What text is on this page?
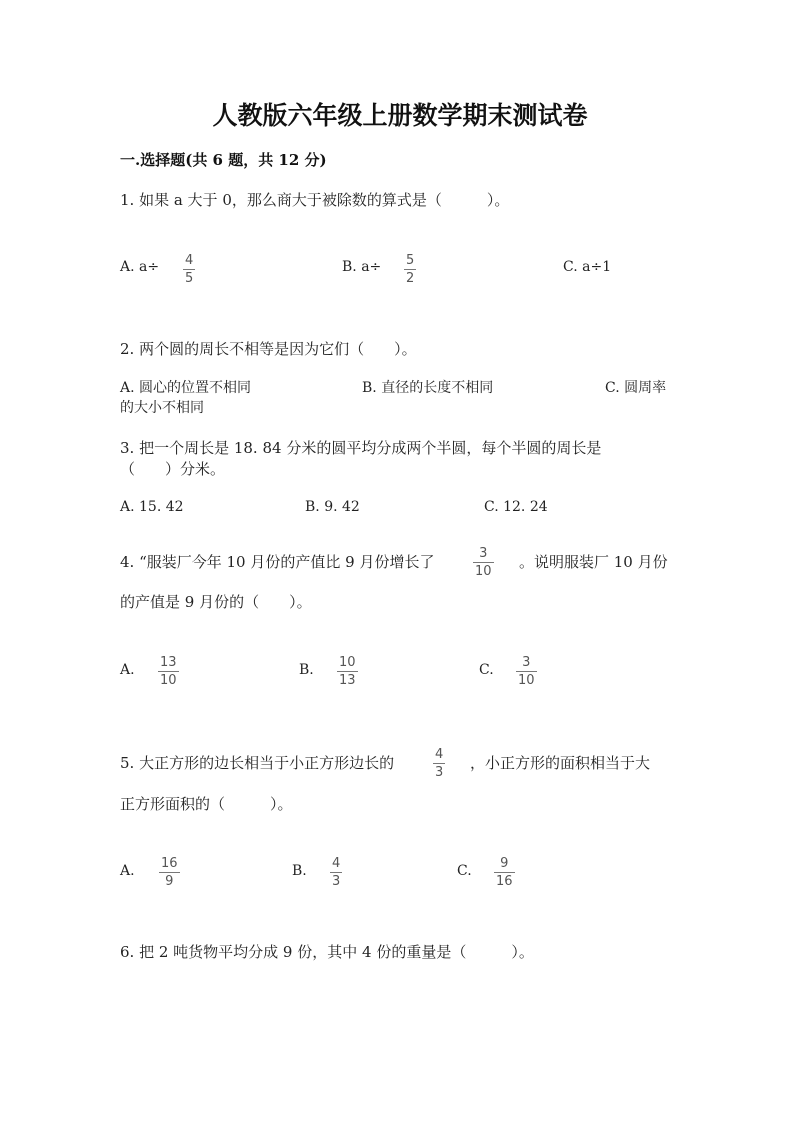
人教版六年级上册数学期末测试卷
一.选择题(共 6 题，共 12 分)
1. 如果 a 大于 0，那么商大于被除数的算式是（　　　）。
A. a÷ 4
5
B. a÷ 5
2
C. a÷1
2. 两个圆的周长不相等是因为它们（　　）。
A. 圆心的位置不相同	B. 直径的长度不相同	C. 圆周率
的大小不相同
3. 把一个周长是 18. 84 分米的圆平均分成两个半圆，每个半圆的周长是
（　　）分米。
A. 15. 42	B. 9. 42	C. 12. 24
4. “服装厂今年 10 月份的产值比 9 月份增长了	3
10
。说明服装厂 10 月份
的产值是 9 月份的（　　）。
A. 13
10
B. 10
13
C. 3
10
5. 大正方形的边长相当于小正方形边长的	4
3
，小正方形的面积相当于大
正方形面积的（　　　）。
A. 16
9
B. 4
3
C. 9
16
6. 把 2 吨货物平均分成 9 份，其中 4 份的重量是（　　　）。
